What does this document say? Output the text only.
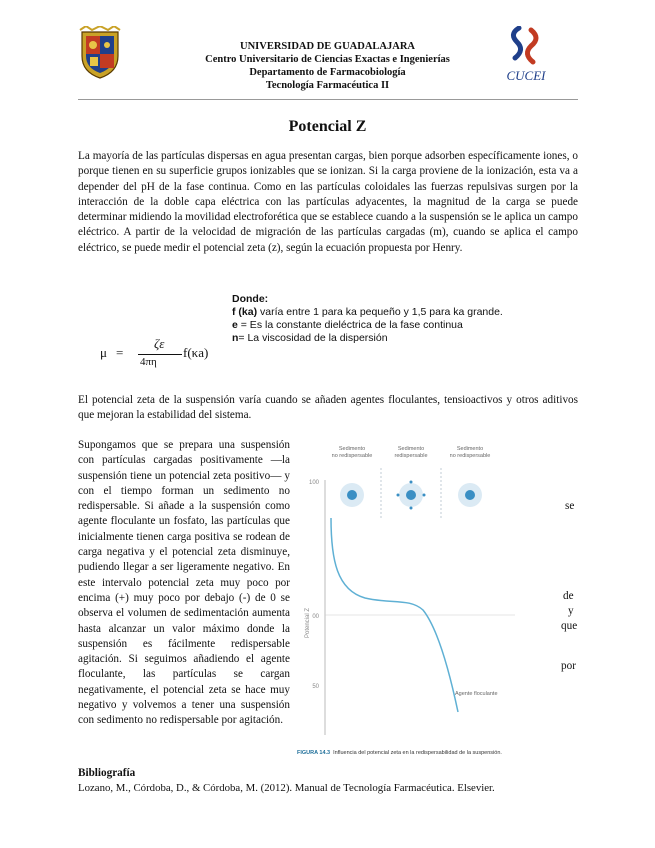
UNIVERSIDAD DE GUADALAJARA
Centro Universitario de Ciencias Exactas e Ingenierías
Departamento de Farmacobiología
Tecnología Farmacéutica II
CUCEI
Potencial Z
La mayoría de las partículas dispersas en agua presentan cargas, bien porque adsorben específicamente iones, o porque tienen en su superficie grupos ionizables que se ionizan. Si la carga proviene de la ionización, esta va a depender del pH de la fase continua. Como en las partículas coloidales las fuerzas repulsivas surgen por la interacción de la doble capa eléctrica con las partículas adyacentes, la magnitud de la carga se puede determinar midiendo la movilidad electroforética que se establece cuando a la suspensión se le aplica un campo eléctrico. A partir de la velocidad de migración de las partículas cargadas (m), cuando se aplica el campo eléctrico, se puede medir el potencial zeta (z), según la ecuación propuesta por Henry.
μ =
ζε
4πη
f(κa)
Donde:
f (ka) varía entre 1 para ka pequeño y 1,5 para ka grande.
e = Es la constante dieléctrica de la fase continua
n= La viscosidad de la dispersión
El potencial zeta de la suspensión varía cuando se añaden agentes floculantes, tensioactivos y otros aditivos que mejoran la estabilidad del sistema.
Supongamos que se prepara una suspensión con partículas cargadas positivamente —la suspensión tiene un potencial zeta positivo— y con el tiempo forman un sedimento no redispersable. Si añade a la suspensión como agente floculante un fosfato, las partículas que inicialmente tienen carga positiva se rodean de carga negativa y el potencial zeta disminuye, pudiendo llegar a ser ligeramente negativo. En este intervalo potencial zeta muy poco por encima (+) muy poco por debajo (-) de 0 se observa el volumen de sedimentación aumenta hasta alcanzar un valor máximo donde la suspensión es fácilmente redispersable agitación. Si seguimos añadiendo el agente floculante, las partículas se cargan negativamente, el potencial zeta se hace muy negativo y volvemos a tener una suspensión con sedimento no redispersable por agitación.
se
de
y
que
por
Sedimento
no redispersable
Sedimento
redispersable
Sedimento
no redispersable
100
00
50
Potencial Z
Agente floculante
FIGURA 14.3 Influencia del potencial zeta en la redispersabilidad de la suspensión.
Bibliografía
Lozano, M., Córdoba, D., & Córdoba, M. (2012). Manual de Tecnología Farmacéutica. Elsevier.
